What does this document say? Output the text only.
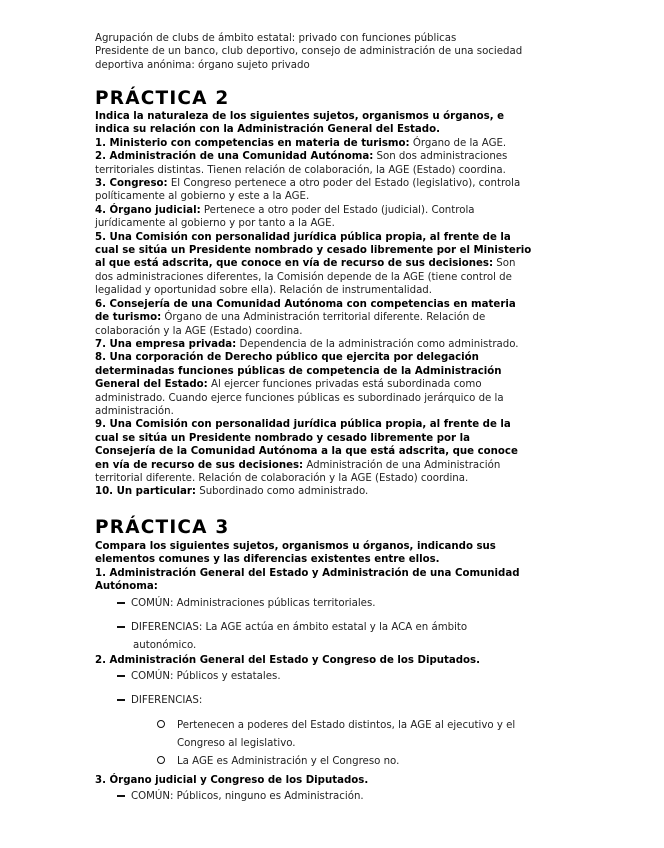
Agrupación de clubs de ámbito estatal: privado con funciones públicas

Presidente de un banco, club deportivo, consejo de administración de una sociedad

deportiva anónima: órgano sujeto privado

PRÁCTICA 2

Indica la naturaleza de los siguientes sujetos, organismos u órganos, e

indica su relación con la Administración General del Estado.

1. Ministerio con competencias en materia de turismo: Órgano de la AGE.

2. Administración de una Comunidad Autónoma: Son dos administraciones

territoriales distintas. Tienen relación de colaboración, la AGE (Estado) coordina.

3. Congreso: El Congreso pertenece a otro poder del Estado (legislativo), controla

políticamente al gobierno y este a la AGE.

4. Órgano judicial: Pertenece a otro poder del Estado (judicial). Controla

jurídicamente al gobierno y por tanto a la AGE.

5. Una Comisión con personalidad jurídica pública propia, al frente de la

cual se sitúa un Presidente nombrado y cesado libremente por el Ministerio

al que está adscrita, que conoce en vía de recurso de sus decisiones: Son

dos administraciones diferentes, la Comisión depende de la AGE (tiene control de

legalidad y oportunidad sobre ella). Relación de instrumentalidad.

6. Consejería de una Comunidad Autónoma con competencias en materia

de turismo: Órgano de una Administración territorial diferente. Relación de

colaboración y la AGE (Estado) coordina.

7. Una empresa privada: Dependencia de la administración como administrado.

8. Una corporación de Derecho público que ejercita por delegación

determinadas funciones públicas de competencia de la Administración

General del Estado: Al ejercer funciones privadas está subordinada como

administrado. Cuando ejerce funciones públicas es subordinado jerárquico de la

administración.

9. Una Comisión con personalidad jurídica pública propia, al frente de la

cual se sitúa un Presidente nombrado y cesado libremente por la

Consejería de la Comunidad Autónoma a la que está adscrita, que conoce

en vía de recurso de sus decisiones: Administración de una Administración

territorial diferente. Relación de colaboración y la AGE (Estado) coordina.

10. Un particular: Subordinado como administrado.

PRÁCTICA 3

Compara los siguientes sujetos, organismos u órganos, indicando sus

elementos comunes y las diferencias existentes entre ellos.

1. Administración General del Estado y Administración de una Comunidad

Autónoma:

COMÚN: Administraciones públicas territoriales.
DIFERENCIAS: La AGE actúa en ámbito estatal y la ACA en ámbito
autonómico.

2. Administración General del Estado y Congreso de los Diputados.

COMÚN: Públicos y estatales.
DIFERENCIAS:
Pertenecen a poderes del Estado distintos, la AGE al ejecutivo y el
Congreso al legislativo.
La AGE es Administración y el Congreso no.

3. Órgano judicial y Congreso de los Diputados.

COMÚN: Públicos, ninguno es Administración.
